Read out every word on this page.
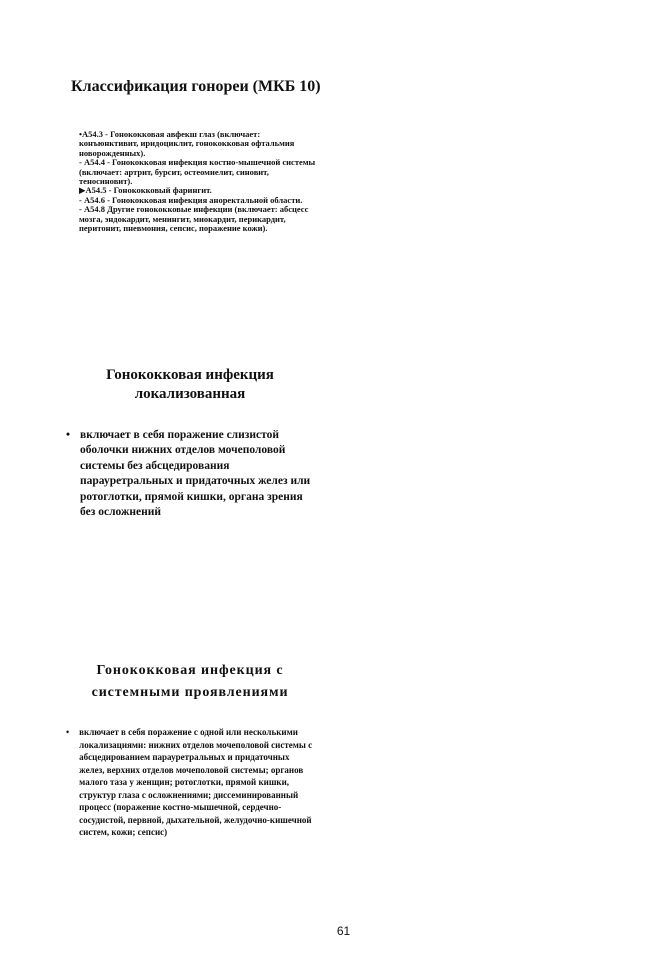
Классификация гонореи (МКБ 10)

•А54.3 - Гонококковая авфекш глаз (включает: конъюнктивит, иридоциклит, гонококковая офтальмия новорожденных).

- А54.4 - Гонококковая инфекция костно-мышечной системы (включает: артрит, бурсит, остеомиелит, синовит, теносиновит).

▶А54.5 - Гонококковый фарингит.

- А54.6 - Гонококковая инфекция аноректальной области.

- А54.8 Другие гонококковые инфекции (включает: абсцесс мозга, эндокардит, менингит, миокардит, перикардит, перитонит, пневмония, сепсис, поражение кожи).

Гонококковая инфекция
локализованная
• включает в себя поражение слизистой оболочки нижних отделов мочеполовой системы без абсцедирования парауретральных и придаточных желез или ротоглотки, прямой кишки, органа зрения без осложнений
Гонококковая инфекция с
системными проявлениями
• включает в себя поражение с одной или несколькими локализациями: нижних отделов мочеполовой системы с абсцедированием парауретральных и придаточных желез, верхних отделов мочеполовой системы; органов малого таза у женщин; ротоглотки, прямой кишки, структур глаза с осложнениями; диссеминированный процесс (поражение костно-мышечной, сердечно-сосудистой, первной, дыхательной, желудочно-кишечной систем, кожи; сепсис)
61
